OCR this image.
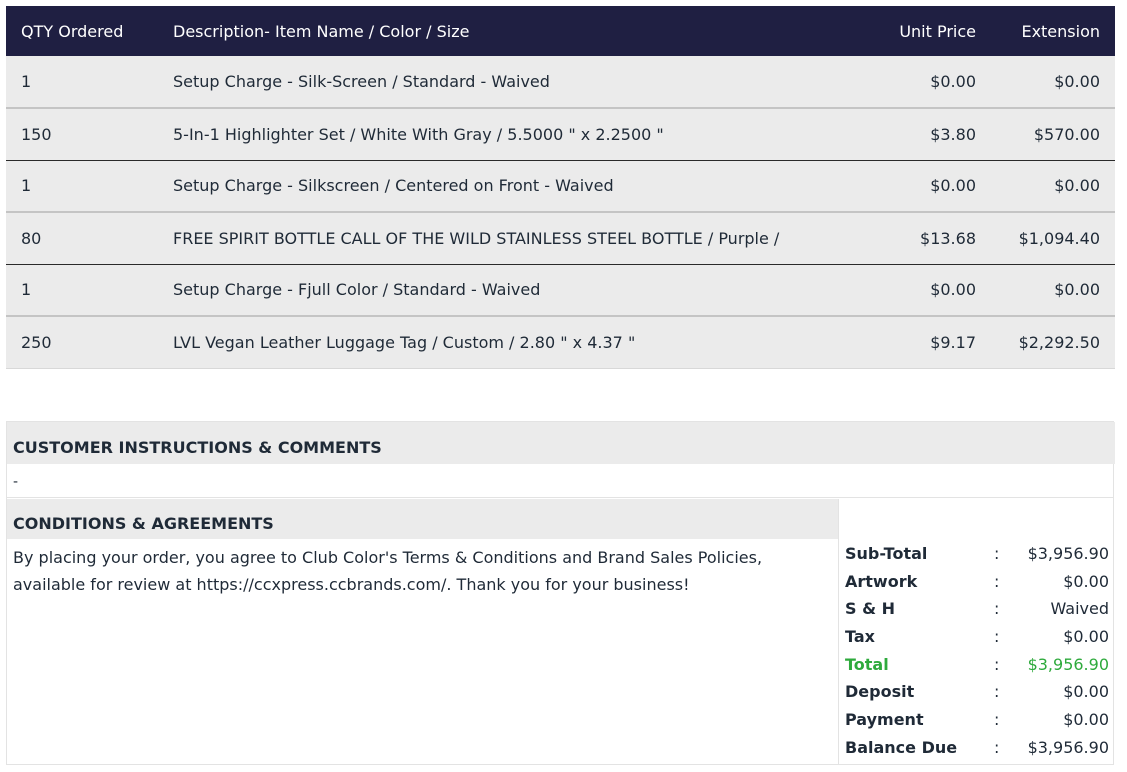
QTY Ordered	Description- Item Name / Color / Size	Unit Price	Extension
1	Setup Charge - Silk-Screen / Standard - Waived	$0.00	$0.00
150	5-In-1 Highlighter Set / White With Gray / 5.5000 " x 2.2500 "	$3.80	$570.00
1	Setup Charge - Silkscreen / Centered on Front - Waived	$0.00	$0.00
80	FREE SPIRIT BOTTLE CALL OF THE WILD STAINLESS STEEL BOTTLE / Purple /	$13.68	$1,094.40
1	Setup Charge - Fjull Color / Standard - Waived	$0.00	$0.00
250	LVL Vegan Leather Luggage Tag / Custom / 2.80 " x 4.37 "	$9.17	$2,292.50
CUSTOMER INSTRUCTIONS & COMMENTS
-
CONDITIONS & AGREEMENTS
By placing your order, you agree to Club Color's Terms & Conditions and Brand Sales Policies, available for review at https://ccxpress.ccbrands.com/. Thank you for your business!
Sub-Total	: $3,956.90
Artwork	:	$0.00
S & H	:	Waived
Tax	:	$0.00
Total	: $3,956.90
Deposit	:	$0.00
Payment	:	$0.00
Balance Due : $3,956.90
